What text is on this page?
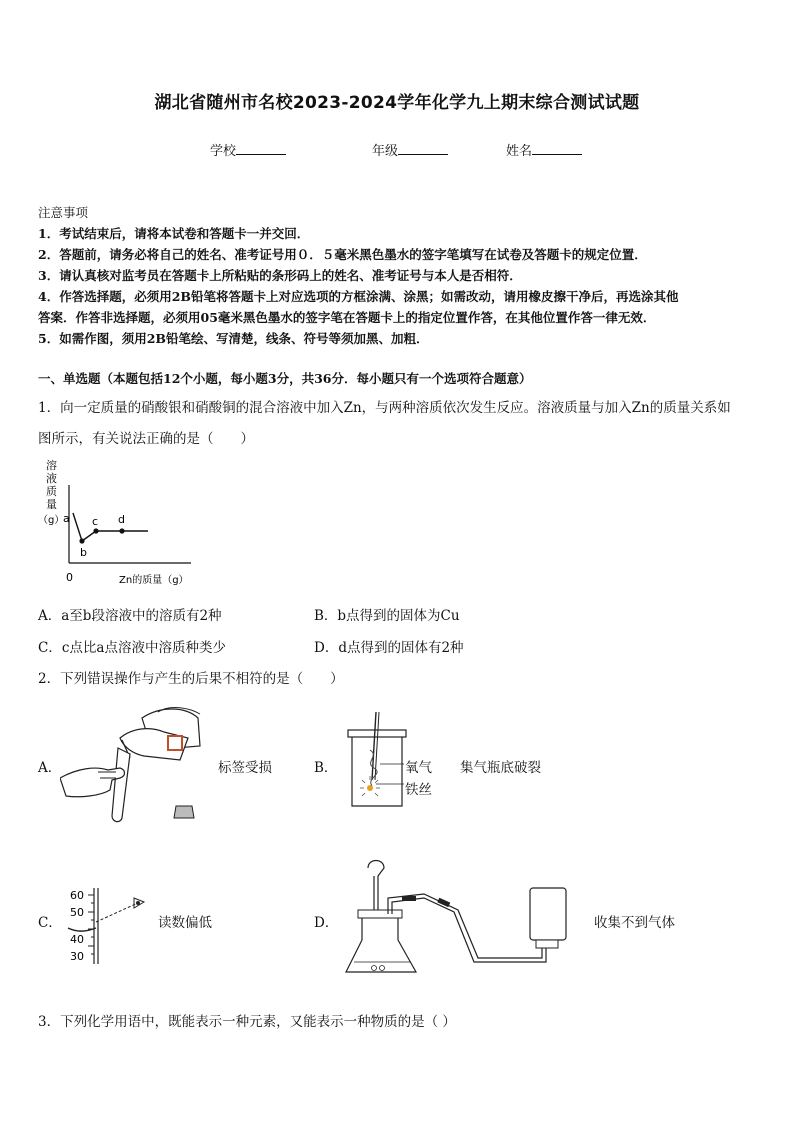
湖北省随州市名校2023-2024学年化学九上期末综合测试试题
学校	年级	姓名
注意事项
1．考试结束后，请将本试卷和答题卡一并交回．
2．答题前，请务必将自己的姓名、准考证号用０．５毫米黑色墨水的签字笔填写在试卷及答题卡的规定位置．
3．请认真核对监考员在答题卡上所粘贴的条形码上的姓名、准考证号与本人是否相符．
4．作答选择题，必须用2B铅笔将答题卡上对应选项的方框涂满、涂黑；如需改动，请用橡皮擦干净后，再选涂其他
答案．作答非选择题，必须用05毫米黑色墨水的签字笔在答题卡上的指定位置作答，在其他位置作答一律无效．
5．如需作图，须用2B铅笔绘、写清楚，线条、符号等须加黑、加粗．
一、单选题（本题包括12个小题，每小题3分，共36分．每小题只有一个选项符合题意）
1．向一定质量的硝酸银和硝酸铜的混合溶液中加入Zn，与两种溶质依次发生反应。溶液质量与加入Zn的质量关系如
图所示，有关说法正确的是（　　）
溶
液
质
量
（g）
a
b
c d
0	Zn的质量（g）
A．a至b段溶液中的溶质有2种	B．b点得到的固体为Cu
C．c点比a点溶液中溶质种类少	D．d点得到的固体有2种
2．下列错误操作与产生的后果不相符的是（　　）
A．	标签受损	B．	氧气
铁丝
集气瓶底破裂
C．
60
50
40
30
读数偏低	D．	收集不到气体
3．下列化学用语中，既能表示一种元素，又能表示一种物质的是（ ）
